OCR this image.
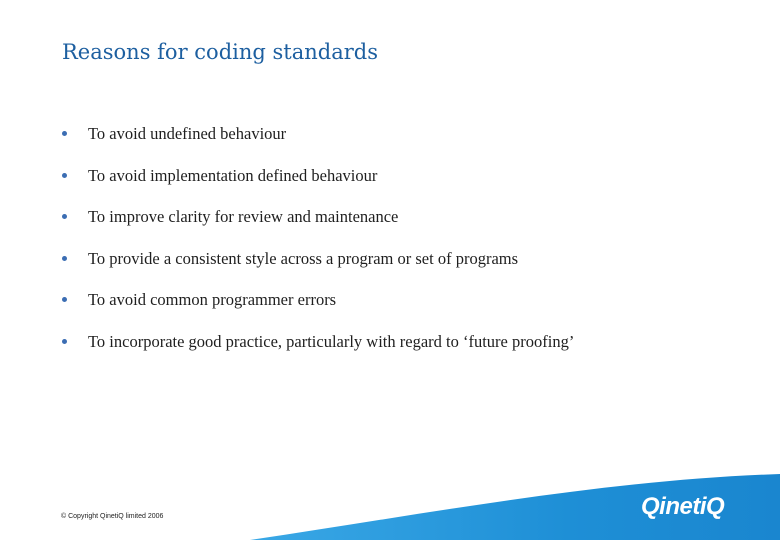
Reasons for coding standards
To avoid undefined behaviour
To avoid implementation defined behaviour
To improve clarity for review and maintenance
To provide a consistent style across a program or set of programs
To avoid common programmer errors
To incorporate good practice, particularly with regard to ‘future proofing’
QinetiQ
© Copyright QinetiQ limited 2006
